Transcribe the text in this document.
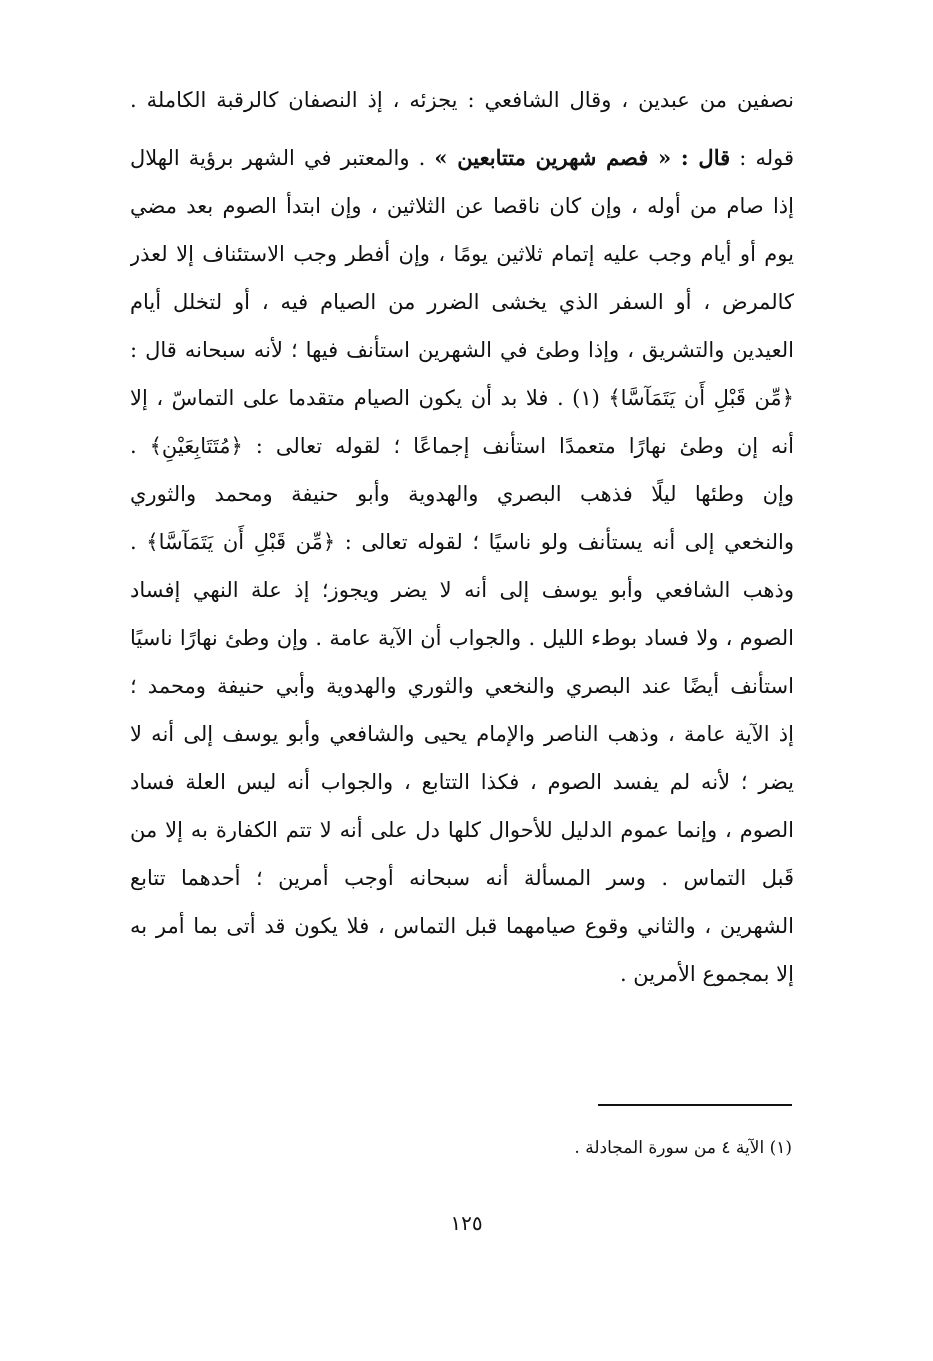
نصفين من عبدين ، وقال الشافعي : يجزئه ، إذ النصفان كالرقبة الكاملة .
قوله : قال : « فصم شهرين متتابعين » . والمعتبر في الشهر برؤية الهلال
إذا صام من أوله ، وإن كان ناقصا عن الثلاثين ، وإن ابتدأ الصوم بعد مضي
يوم أو أيام وجب عليه إتمام ثلاثين يومًا ، وإن أفطر وجب الاستئناف إلا لعذر
كالمرض ، أو السفر الذي يخشى الضرر من الصيام فيه ، أو لتخلل أيام
العيدين والتشريق ، وإذا وطئ في الشهرين استأنف فيها ؛ لأنه سبحانه قال :
﴿مِّن قَبْلِ أَن يَتَمَآسَّا﴾ (١) . فلا بد أن يكون الصيام متقدما على التماسّ ، إلا
أنه إن وطئ نهارًا متعمدًا استأنف إجماعًا ؛ لقوله تعالى : ﴿مُتَتَابِعَيْنِ﴾ .
وإن وطئها ليلًا فذهب البصري والهدوية وأبو حنيفة ومحمد والثوري
والنخعي إلى أنه يستأنف ولو ناسيًا ؛ لقوله تعالى : ﴿مِّن قَبْلِ أَن يَتَمَآسَّا﴾ .
وذهب الشافعي وأبو يوسف إلى أنه لا يضر ويجوز؛ إذ علة النهي إفساد
الصوم ، ولا فساد بوطء الليل . والجواب أن الآية عامة . وإن وطئ نهارًا ناسيًا
استأنف أيضًا عند البصري والنخعي والثوري والهدوية وأبي حنيفة ومحمد ؛
إذ الآية عامة ، وذهب الناصر والإمام يحيى والشافعي وأبو يوسف إلى أنه لا
يضر ؛ لأنه لم يفسد الصوم ، فكذا التتابع ، والجواب أنه ليس العلة فساد
الصوم ، وإنما عموم الدليل للأحوال كلها دل على أنه لا تتم الكفارة به إلا من
قَبل التماس . وسر المسألة أنه سبحانه أوجب أمرين ؛ أحدهما تتابع
الشهرين ، والثاني وقوع صيامهما قبل التماس ، فلا يكون قد أتى بما أمر به
إلا بمجموع الأمرين .
(١) الآية ٤ من سورة المجادلة .
١٢٥
